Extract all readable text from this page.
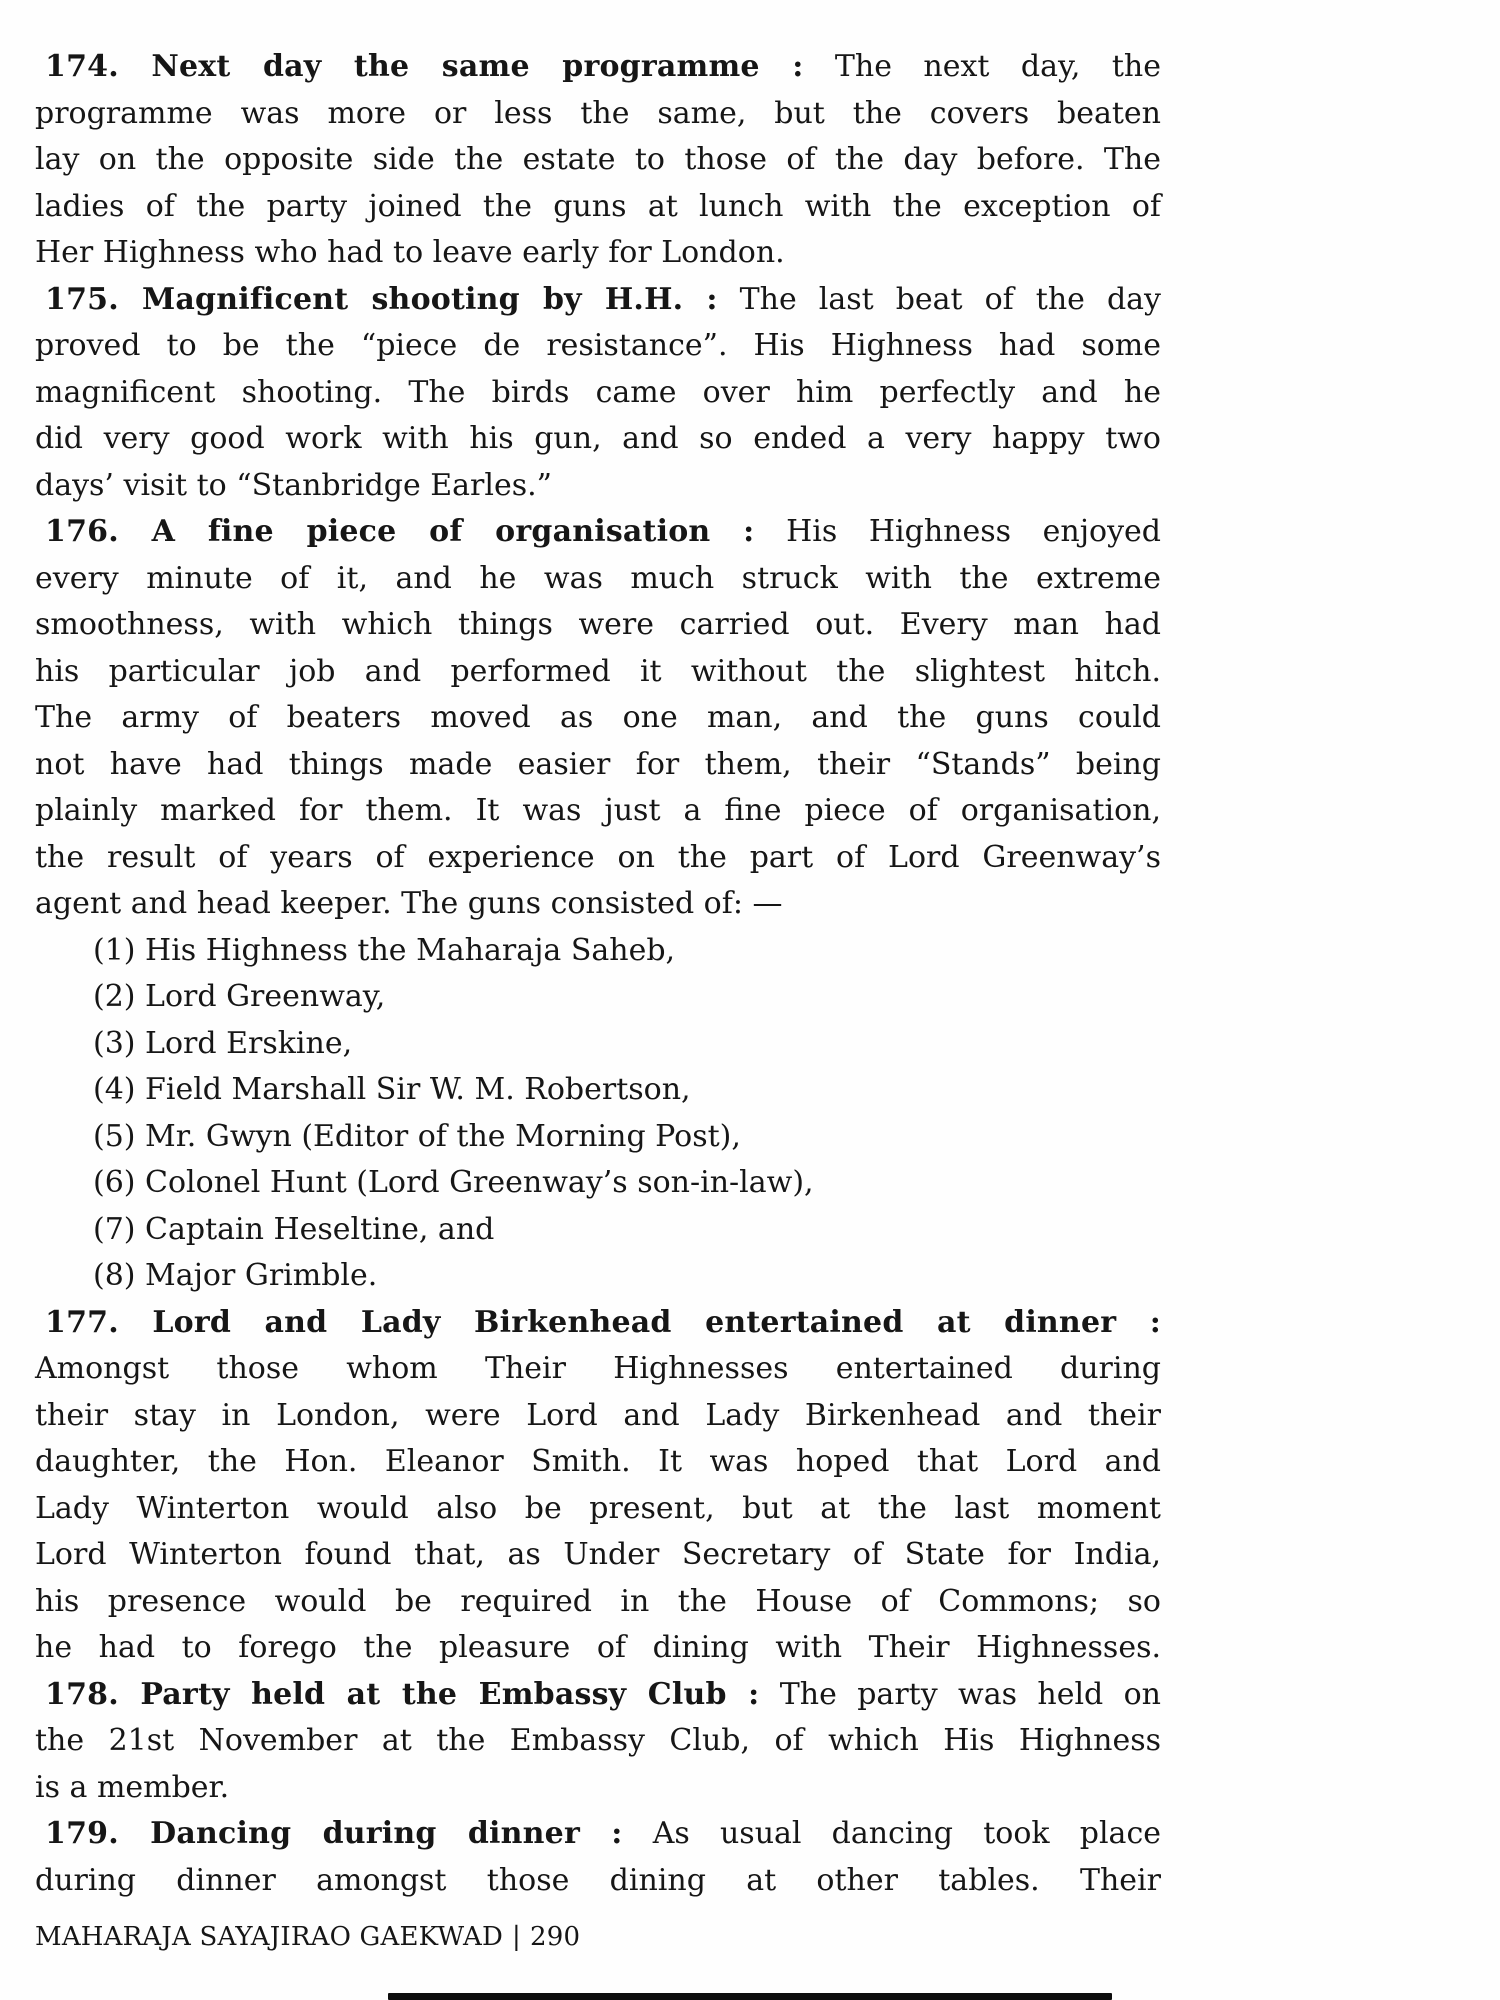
174. Next day the same programme : The next day, the
programme was more or less the same, but the covers beaten
lay on the opposite side the estate to those of the day before. The
ladies of the party joined the guns at lunch with the exception of
Her Highness who had to leave early for London.
175. Magnificent shooting by H.H. : The last beat of the day
proved to be the “piece de resistance”. His Highness had some
magnificent shooting. The birds came over him perfectly and he
did very good work with his gun, and so ended a very happy two
days’ visit to “Stanbridge Earles.”
176. A fine piece of organisation : His Highness enjoyed
every minute of it, and he was much struck with the extreme
smoothness, with which things were carried out. Every man had
his particular job and performed it without the slightest hitch.
The army of beaters moved as one man, and the guns could
not have had things made easier for them, their “Stands” being
plainly marked for them. It was just a fine piece of organisation,
the result of years of experience on the part of Lord Greenway’s
agent and head keeper. The guns consisted of: —
(1) His Highness the Maharaja Saheb,
(2) Lord Greenway,
(3) Lord Erskine,
(4) Field Marshall Sir W. M. Robertson,
(5) Mr. Gwyn (Editor of the Morning Post),
(6) Colonel Hunt (Lord Greenway’s son-in-law),
(7) Captain Heseltine, and
(8) Major Grimble.
177. Lord and Lady Birkenhead entertained at dinner :
Amongst those whom Their Highnesses entertained during
their stay in London, were Lord and Lady Birkenhead and their
daughter, the Hon. Eleanor Smith. It was hoped that Lord and
Lady Winterton would also be present, but at the last moment
Lord Winterton found that, as Under Secretary of State for India,
his presence would be required in the House of Commons; so
he had to forego the pleasure of dining with Their Highnesses.
178. Party held at the Embassy Club : The party was held on
the 21st November at the Embassy Club, of which His Highness
is a member.
179. Dancing during dinner : As usual dancing took place
during dinner amongst those dining at other tables. Their
MAHARAJA SAYAJIRAO GAEKWAD | 290
